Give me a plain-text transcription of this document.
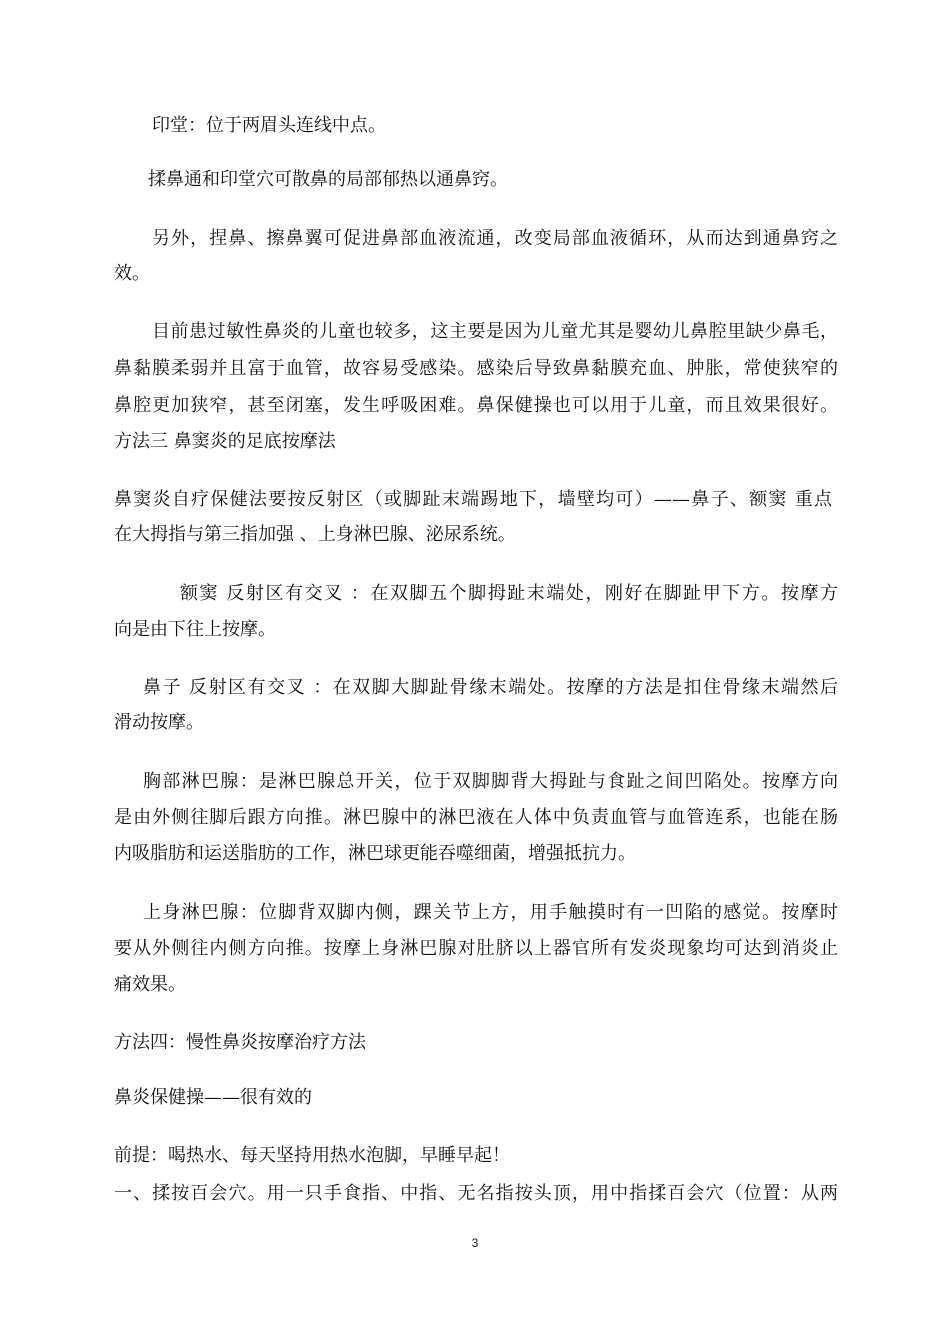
印堂：位于两眉头连线中点。
揉鼻通和印堂穴可散鼻的局部郁热以通鼻窍。
另外，捏鼻、擦鼻翼可促进鼻部血液流通，改变局部血液循环，从而达到通鼻窍之
效。
目前患过敏性鼻炎的儿童也较多，这主要是因为儿童尤其是婴幼儿鼻腔里缺少鼻毛，
鼻黏膜柔弱并且富于血管，故容易受感染。感染后导致鼻黏膜充血、肿胀，常使狭窄的
鼻腔更加狭窄，甚至闭塞，发生呼吸困难。鼻保健操也可以用于儿童，而且效果很好。
方法三 鼻窦炎的足底按摩法
鼻窦炎自疗保健法要按反射区（或脚趾末端踢地下，墙壁均可）——鼻子、额窦 重点
在大拇指与第三指加强 、上身淋巴腺、泌尿系统。
额窦 反射区有交叉 ：在双脚五个脚拇趾末端处，刚好在脚趾甲下方。按摩方
向是由下往上按摩。
鼻子 反射区有交叉 ：在双脚大脚趾骨缘末端处。按摩的方法是扣住骨缘末端然后
滑动按摩。
胸部淋巴腺：是淋巴腺总开关，位于双脚脚背大拇趾与食趾之间凹陷处。按摩方向
是由外侧往脚后跟方向推。淋巴腺中的淋巴液在人体中负责血管与血管连系，也能在肠
内吸脂肪和运送脂肪的工作，淋巴球更能吞噬细菌，增强抵抗力。
上身淋巴腺：位脚背双脚内侧，踝关节上方，用手触摸时有一凹陷的感觉。按摩时
要从外侧往内侧方向推。按摩上身淋巴腺对肚脐以上器官所有发炎现象均可达到消炎止
痛效果。
方法四：慢性鼻炎按摩治疗方法
鼻炎保健操——很有效的
前提：喝热水、每天坚持用热水泡脚，早睡早起！
一、揉按百会穴。用一只手食指、中指、无名指按头顶，用中指揉百会穴（位置：从两
3
